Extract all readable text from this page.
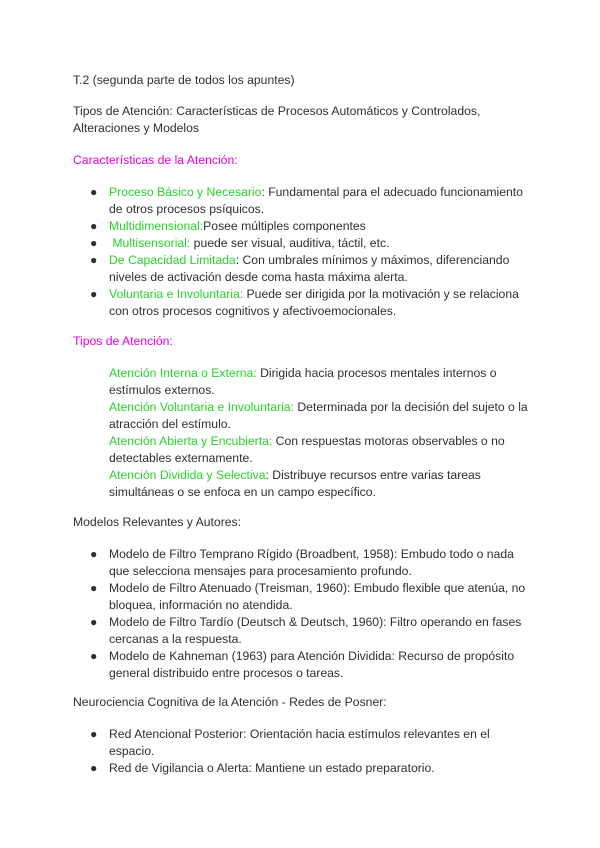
T.2 (segunda parte de todos los apuntes)

Tipos de Atención: Características de Procesos Automáticos y Controlados,
Alteraciones y Modelos

Características de la Atención:

● Proceso Básico y Necesario: Fundamental para el adecuado funcionamiento de otros procesos psíquicos.
● Multidimensional:Posee múltiples componentes
● Multisensorial: puede ser visual, auditiva, táctil, etc.
● De Capacidad Limitada: Con umbrales mínimos y máximos, diferenciando niveles de activación desde coma hasta máxima alerta.
● Voluntaria e Involuntaria: Puede ser dirigida por la motivación y se relaciona con otros procesos cognitivos y afectivoemocionales.

Tipos de Atención:

Atención Interna o Externa: Dirigida hacia procesos mentales internos o estímulos externos.
Atención Voluntaria e Involuntaria: Determinada por la decisión del sujeto o la atracción del estímulo.
Atención Abierta y Encubierta: Con respuestas motoras observables o no detectables externamente.
Atención Dividida y Selectiva: Distribuye recursos entre varias tareas simultáneas o se enfoca en un campo específico.

Modelos Relevantes y Autores:

● Modelo de Filtro Temprano Rígido (Broadbent, 1958): Embudo todo o nada que selecciona mensajes para procesamiento profundo.
● Modelo de Filtro Atenuado (Treisman, 1960): Embudo flexible que atenúa, no bloquea, información no atendida.
● Modelo de Filtro Tardío (Deutsch & Deutsch, 1960): Filtro operando en fases cercanas a la respuesta.
● Modelo de Kahneman (1963) para Atención Dividida: Recurso de propósito general distribuido entre procesos o tareas.

Neurociencia Cognitiva de la Atención - Redes de Posner:

● Red Atencional Posterior: Orientación hacia estímulos relevantes en el espacio.
● Red de Vigilancia o Alerta: Mantiene un estado preparatorio.
